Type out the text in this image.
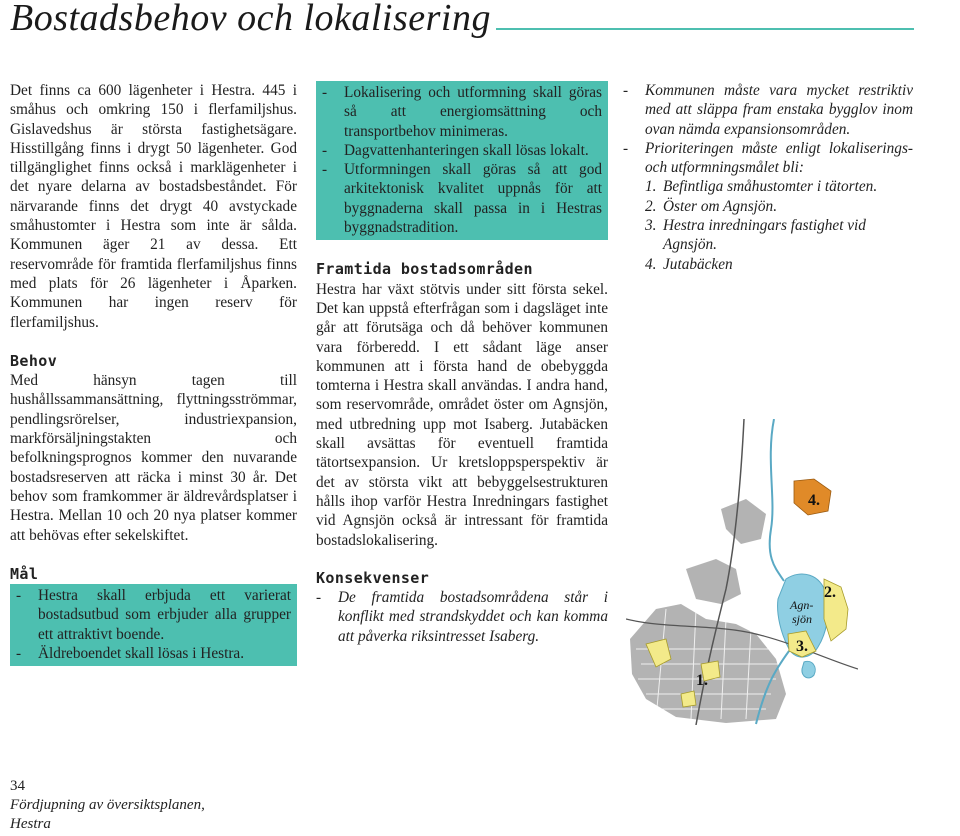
Bostadsbehov och lokalisering

Det finns ca 600 lägenheter i Hestra. 445 i småhus och omkring 150 i flerfamiljshus. Gislavedshus är största fastighetsägare. Hisstillgång finns i drygt 50 lägenheter. God tillgänglighet finns också i marklägenheter i det nyare delarna av bostadsbeståndet. För närvarande finns det drygt 40 avstyckade småhustomter i Hestra som inte är sålda. Kommunen äger 21 av dessa. Ett reservområde för framtida flerfamiljshus finns med plats för 26 lägenheter i Åparken. Kommunen har ingen reserv för flerfamiljshus.

Behov

Med hänsyn tagen till hushållssammansättning, flyttningsströmmar, pendlingsrörelser, industriexpansion, markförsäljningstakten och befolkningsprognos kommer den nuvarande bostadsreserven att räcka i minst 30 år. Det behov som framkommer är äldrevårdsplatser i Hestra. Mellan 10 och 20 nya platser kommer att behövas efter sekelskiftet.

Mål

- Hestra skall erbjuda ett varierat bostadsutbud som erbjuder alla grupper ett attraktivt boende.
- Äldreboendet skall lösas i Hestra.
- Lokalisering och utformning skall göras så att energiomsättning och transportbehov minimeras.
- Dagvattenhanteringen skall lösas lokalt.
- Utformningen skall göras så att god arkitektonisk kvalitet uppnås för att byggnaderna skall passa in i Hestras byggnadstradition.

Framtida bostadsområden

Hestra har växt stötvis under sitt första sekel. Det kan uppstå efterfrågan som i dagsläget inte går att förutsäga och då behöver kommunen vara förberedd. I ett sådant läge anser kommunen att i första hand de obebyggda tomterna i Hestra skall användas. I andra hand, som reservområde, området öster om Agnsjön, med utbredning upp mot Isaberg. Jutabäcken skall avsättas för eventuell framtida tätortsexpansion. Ur kretsloppsperspektiv är det av största vikt att bebyggelsestrukturen hålls ihop varför Hestra Inredningars fastighet vid Agnsjön också är intressant för framtida bostadslokalisering.

Konsekvenser

- De framtida bostadsområdena står i konflikt med strandskyddet och kan komma att påverka riksintresset Isaberg.
- Kommunen måste vara mycket restriktiv med att släppa fram enstaka bygglov inom ovan nämda expansionsområden.
- Prioriteringen måste enligt lokaliserings- och utformningsmålet bli:
1. Befintliga småhustomter i tätorten.
2. Öster om Agnsjön.
3. Hestra inredningars fastighet vid Agnsjön.
4. Jutabäcken
1.
2.
3.
4.
Agn-sjön
34
Fördjupning av översiktsplanen,
Hestra
